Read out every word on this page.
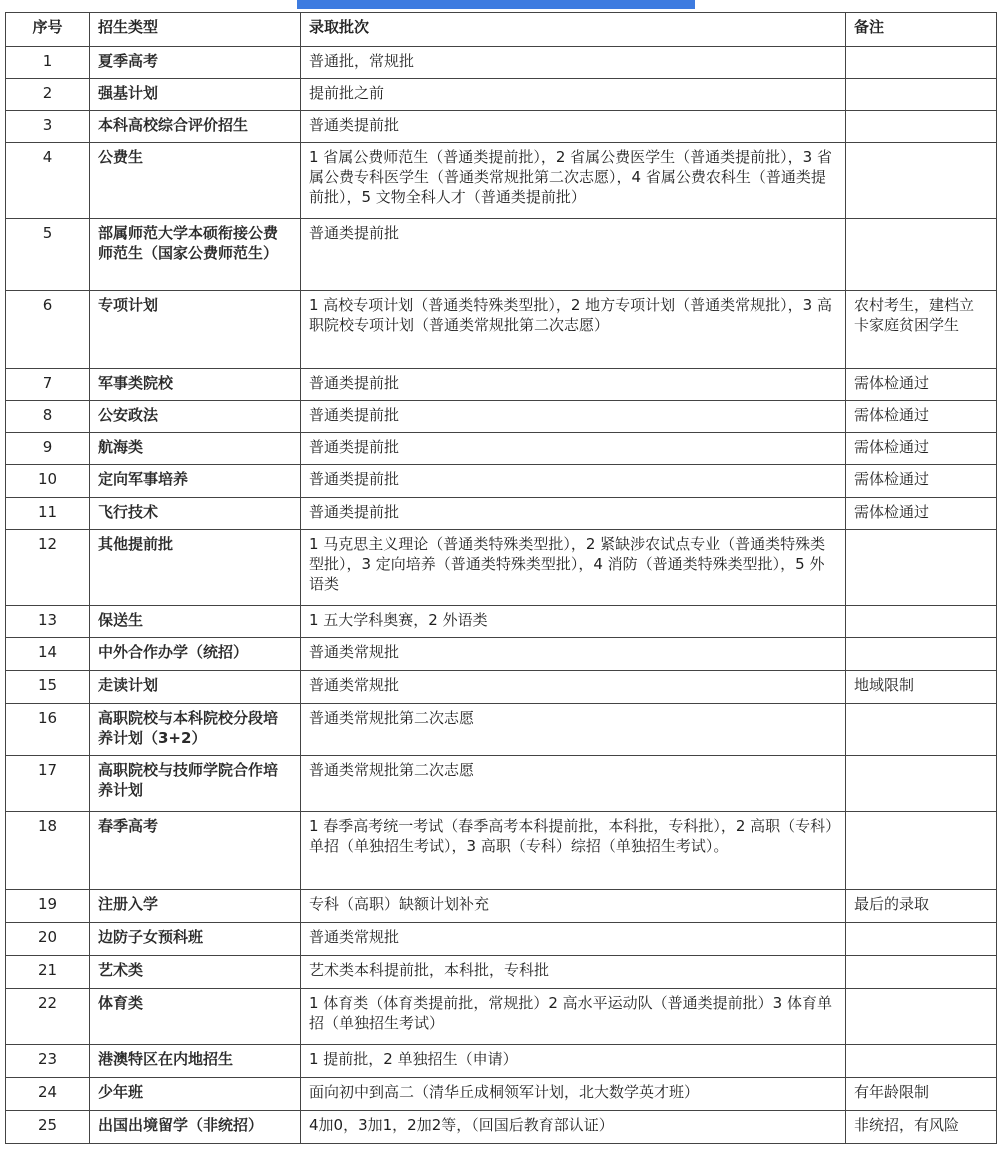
序号	招生类型	录取批次	备注
1	夏季高考	普通批，常规批	
2	强基计划	提前批之前	
3	本科高校综合评价招生	普通类提前批	
4	公费生	1 省属公费师范生（普通类提前批），2 省属公费医学生（普通类提前批），3 省属公费专科医学生（普通类常规批第二次志愿），4 省属公费农科生（普通类提前批），5 文物全科人才（普通类提前批）	
5	部属师范大学本硕衔接公费师范生（国家公费师范生）	普通类提前批	
6	专项计划	1 高校专项计划（普通类特殊类型批），2 地方专项计划（普通类常规批），3 高职院校专项计划（普通类常规批第二次志愿）	农村考生，建档立卡家庭贫困学生
7	军事类院校	普通类提前批	需体检通过
8	公安政法	普通类提前批	需体检通过
9	航海类	普通类提前批	需体检通过
10	定向军事培养	普通类提前批	需体检通过
11	飞行技术	普通类提前批	需体检通过
12	其他提前批	1 马克思主义理论（普通类特殊类型批），2 紧缺涉农试点专业（普通类特殊类型批），3 定向培养（普通类特殊类型批），4 消防（普通类特殊类型批），5 外语类	
13	保送生	1 五大学科奥赛，2 外语类	
14	中外合作办学（统招）	普通类常规批	
15	走读计划	普通类常规批	地域限制
16	高职院校与本科院校分段培养计划（3+2）	普通类常规批第二次志愿	
17	高职院校与技师学院合作培养计划	普通类常规批第二次志愿	
18	春季高考	1 春季高考统一考试（春季高考本科提前批，本科批，专科批），2 高职（专科）单招（单独招生考试），3 高职（专科）综招（单独招生考试）。	
19	注册入学	专科（高职）缺额计划补充	最后的录取
20	边防子女预科班	普通类常规批	
21	艺术类	艺术类本科提前批，本科批，专科批	
22	体育类	1 体育类（体育类提前批，常规批）2 高水平运动队（普通类提前批）3 体育单招（单独招生考试）	
23	港澳特区在内地招生	1 提前批，2 单独招生（申请）	
24	少年班	面向初中到高二（清华丘成桐领军计划，北大数学英才班）	有年龄限制
25	出国出境留学（非统招）	4加0，3加1，2加2等，（回国后教育部认证）	非统招，有风险
